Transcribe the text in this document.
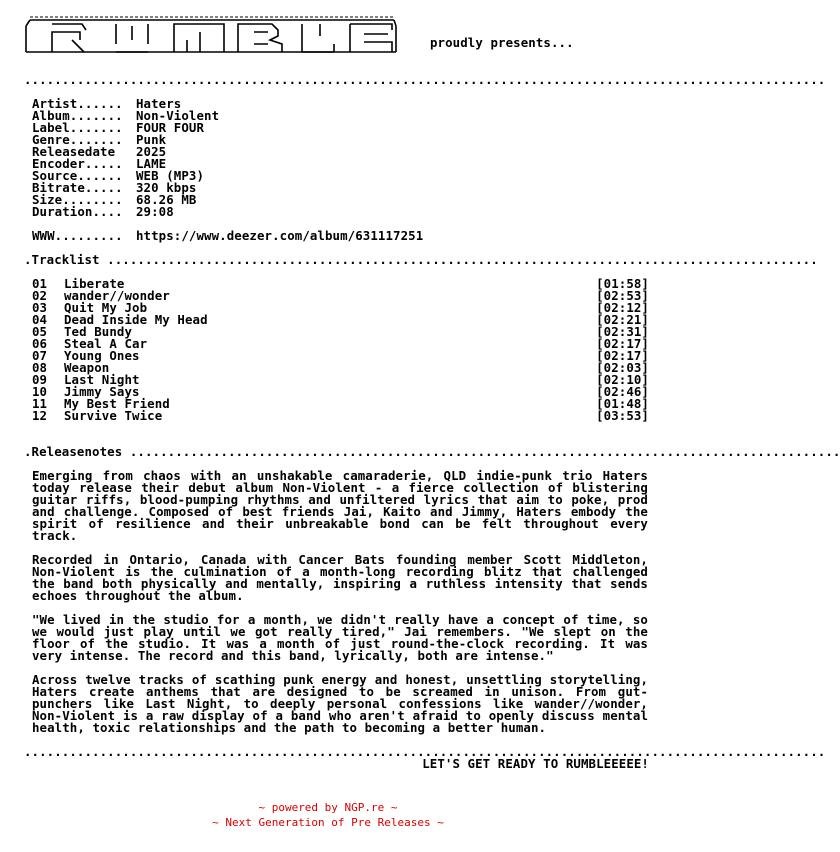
proudly presents...
..........................................................................................................
Artist...... Haters
Album....... Non-Violent
Label....... FOUR FOUR
Genre....... Punk
Releasedate 2025
Encoder..... LAME
Source...... WEB (MP3)
Bitrate..... 320 kbps
Size........ 68.26 MB
Duration.... 29:08
WWW......... https://www.deezer.com/album/631117251
.Tracklist ..............................................................................................
01	Liberate	[01:58]
02	wander//wonder	[02:53]
03	Quit My Job	[02:12]
04	Dead Inside My Head	[02:21]
05	Ted Bundy	[02:31]
06	Steal A Car	[02:17]
07	Young Ones	[02:17]
08	Weapon	[02:03]
09	Last Night	[02:10]
10	Jimmy Says	[02:46]
11	My Best Friend	[01:48]
12	Survive Twice	[03:53]
.Releasenotes ..............................................................................................
Emerging from chaos with an unshakable camaraderie, QLD indie-punk trio Haters today release their debut album Non-Violent - a fierce collection of blistering guitar riffs, blood-pumping rhythms and unfiltered lyrics that aim to poke, prod and challenge. Composed of best friends Jai, Kaito and Jimmy, Haters embody the spirit of resilience and their unbreakable bond can be felt throughout every track.
Recorded in Ontario, Canada with Cancer Bats founding member Scott Middleton, Non-Violent is the culmination of a month-long recording blitz that challenged the band both physically and mentally, inspiring a ruthless intensity that sends echoes throughout the album.
"We lived in the studio for a month, we didn't really have a concept of time, so we would just play until we got really tired," Jai remembers. "We slept on the floor of the studio. It was a month of just round-the-clock recording. It was very intense. The record and this band, lyrically, both are intense."
Across twelve tracks of scathing punk energy and honest, unsettling storytelling, Haters create anthems that are designed to be screamed in unison. From gut-punchers like Last Night, to deeply personal confessions like wander//wonder, Non-Violent is a raw display of a band who aren't afraid to openly discuss mental health, toxic relationships and the path to becoming a better human.
..........................................................................................................
LET'S GET READY TO RUMBLEEEEE!
~ powered by NGP.re ~
~ Next Generation of Pre Releases ~
